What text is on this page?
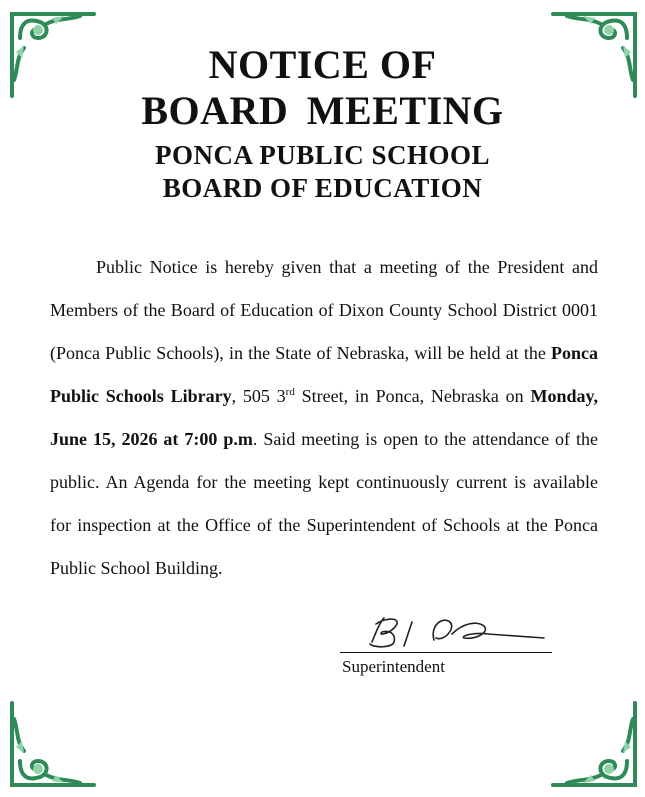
NOTICE OF
BOARD MEETING
PONCA PUBLIC SCHOOL
BOARD OF EDUCATION

Public Notice is hereby given that a meeting of the President and Members of the Board of Education of Dixon County School District 0001 (Ponca Public Schools), in the State of Nebraska, will be held at the Ponca Public Schools Library, 505 3rd Street, in Ponca, Nebraska on Monday, June 15, 2026 at 7:00 p.m. Said meeting is open to the attendance of the public. An Agenda for the meeting kept continuously current is available for inspection at the Office of the Superintendent of Schools at the Ponca Public School Building.

Superintendent
